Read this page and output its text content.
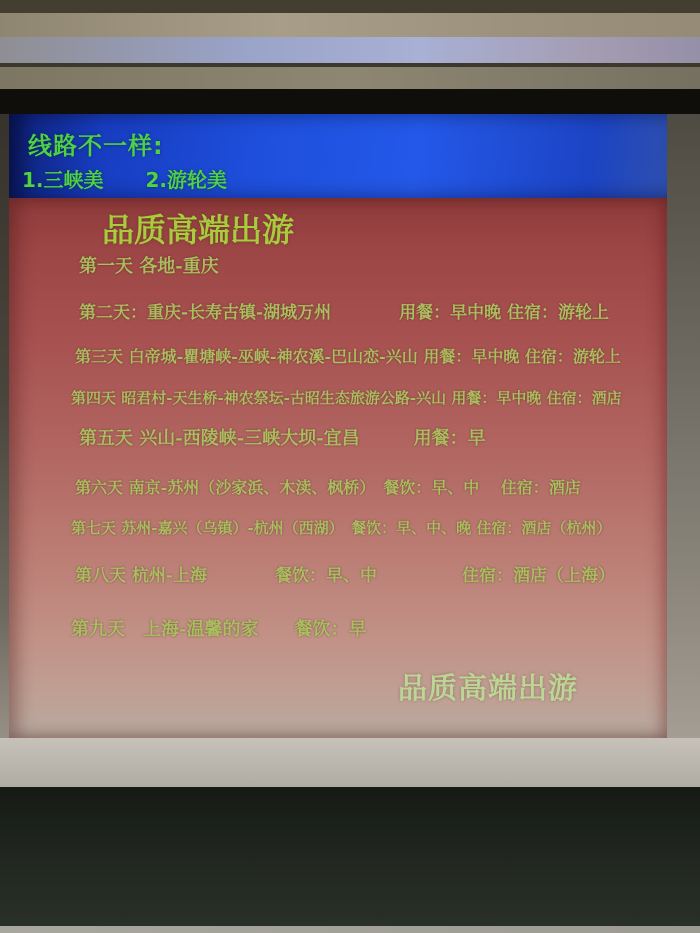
线路不一样:
1.三峡美 2.游轮美
品质高端出游
第一天 各地-重庆
第二天：重庆-长寿古镇-湖城万州　　　　用餐：早中晚 住宿：游轮上
第三天 白帝城-瞿塘峡-巫峡-神农溪-巴山恋-兴山 用餐：早中晚 住宿：游轮上
第四天 昭君村-天生桥-神农祭坛-古昭生态旅游公路-兴山 用餐：早中晚 住宿：酒店
第五天 兴山-西陵峡-三峡大坝-宜昌　　　用餐：早
第六天 南京-苏州（沙家浜、木渎、枫桥）　餐饮：早、中　 住宿：酒店
第七天 苏州-嘉兴（乌镇）-杭州（西湖）　餐饮：早、中、晚 住宿：酒店（杭州）
第八天 杭州-上海　　　　餐饮：早、中　　　　　住宿：酒店（上海）
第九天　上海-温馨的家　　餐饮：早
品质高端出游
